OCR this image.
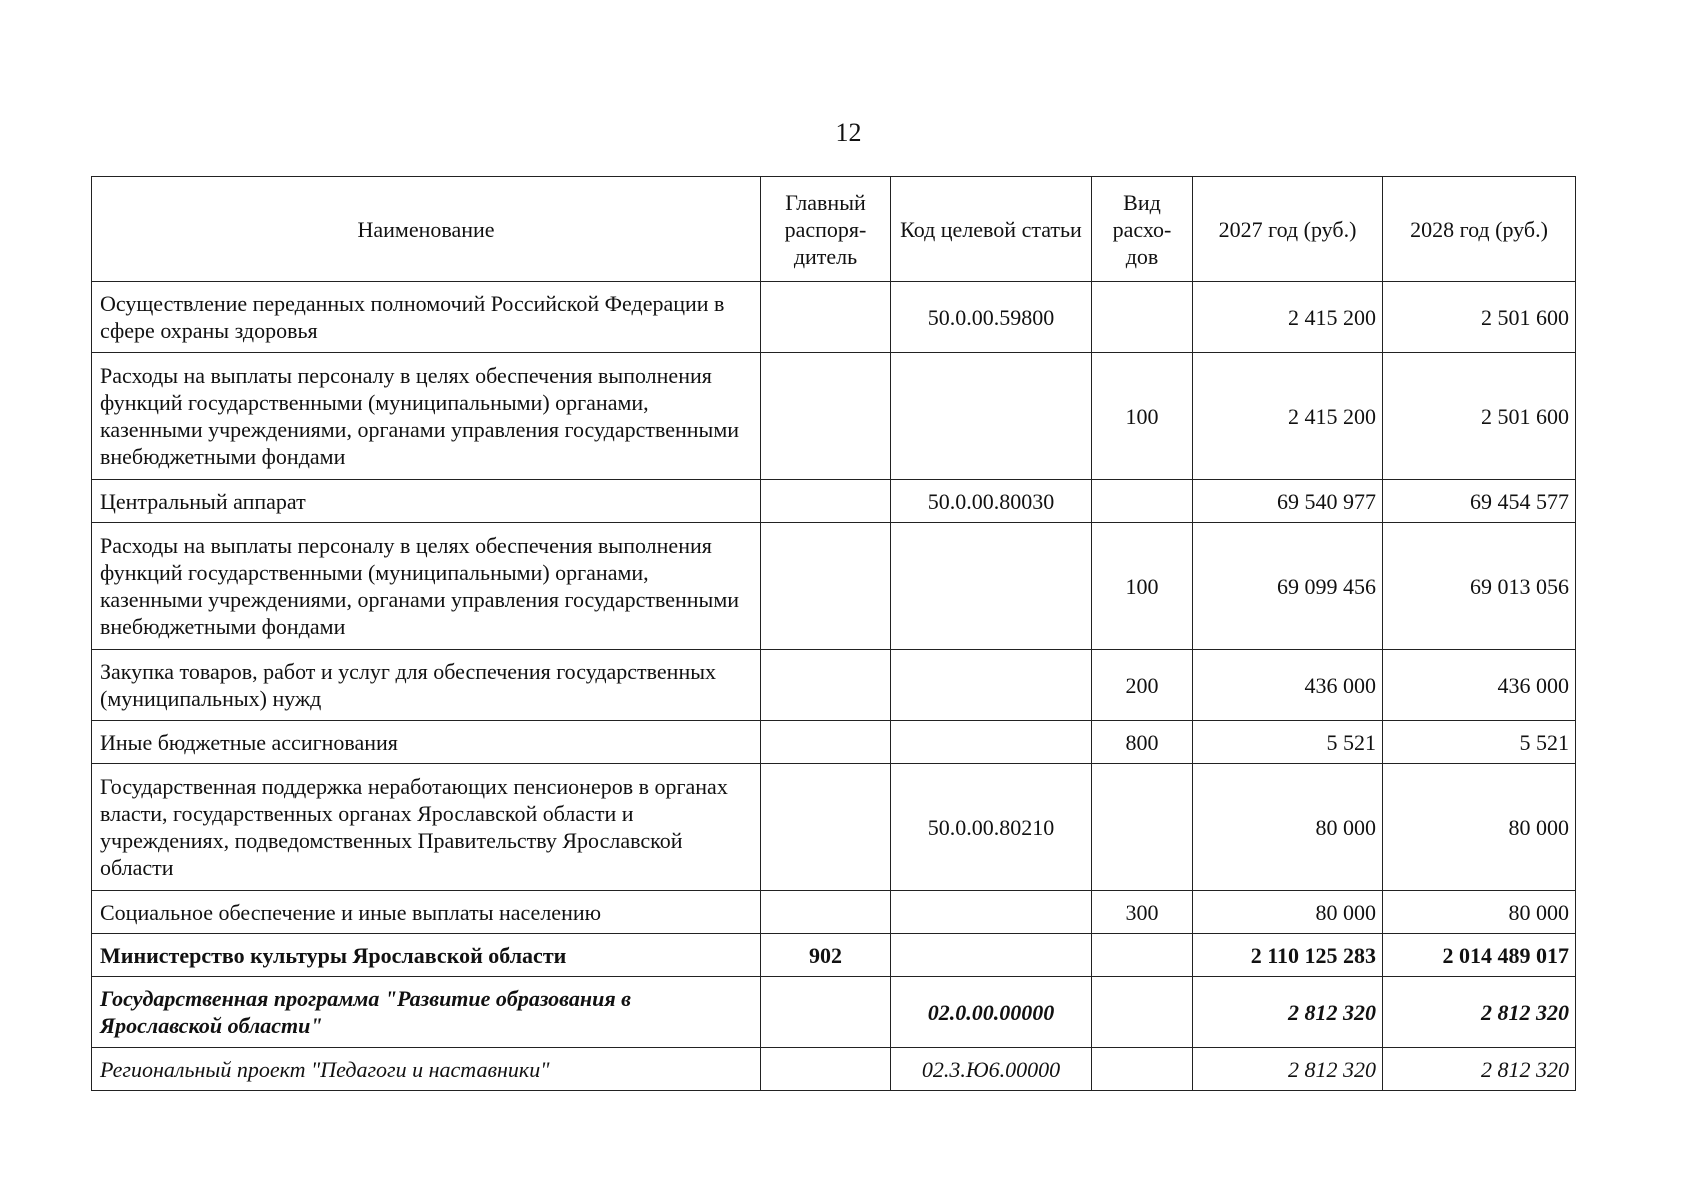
12
Наименование	Главный распоря-дитель	Код целевой статьи	Вид расхо-дов	2027 год (руб.)	2028 год (руб.)
Осуществление переданных полномочий Российской Федерации в сфере охраны здоровья		50.0.00.59800		2 415 200	2 501 600
Расходы на выплаты персоналу в целях обеспечения выполнения функций государственными (муниципальными) органами, казенными учреждениями, органами управления государственными внебюджетными фондами			100	2 415 200	2 501 600
Центральный аппарат		50.0.00.80030		69 540 977	69 454 577
Расходы на выплаты персоналу в целях обеспечения выполнения функций государственными (муниципальными) органами, казенными учреждениями, органами управления государственными внебюджетными фондами			100	69 099 456	69 013 056
Закупка товаров, работ и услуг для обеспечения государственных (муниципальных) нужд			200	436 000	436 000
Иные бюджетные ассигнования			800	5 521	5 521
Государственная поддержка неработающих пенсионеров в органах власти, государственных органах Ярославской области и учреждениях, подведомственных Правительству Ярославской области		50.0.00.80210		80 000	80 000
Социальное обеспечение и иные выплаты населению			300	80 000	80 000
Министерство культуры Ярославской области	902			2 110 125 283	2 014 489 017
Государственная программа "Развитие образования в Ярославской области"		02.0.00.00000		2 812 320	2 812 320
Региональный проект "Педагоги и наставники"		02.3.Ю6.00000		2 812 320	2 812 320
